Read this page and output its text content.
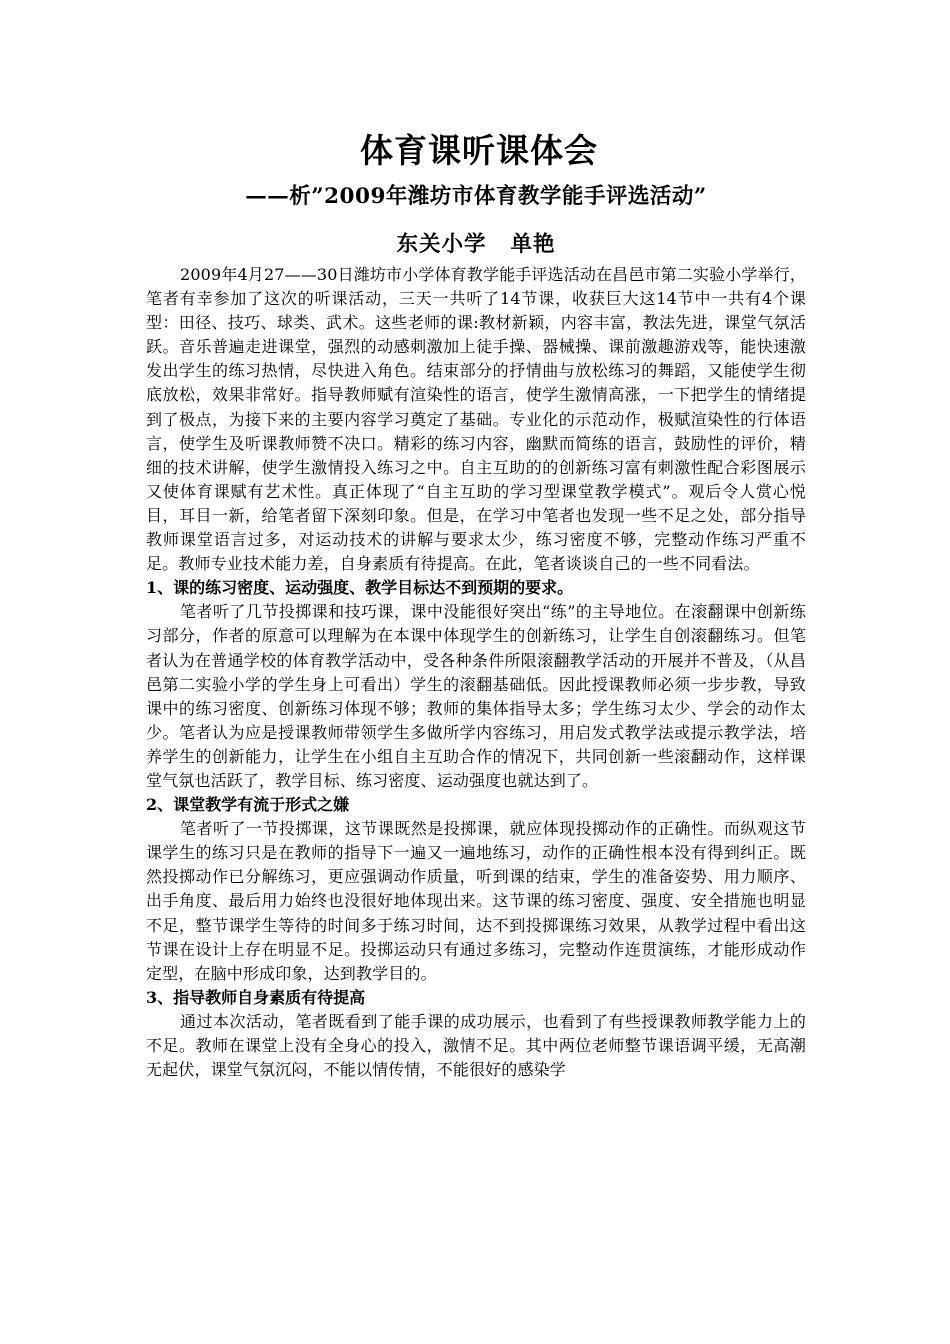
体育课听课体会
——析”2009年潍坊市体育教学能手评选活动”
东关小学 单艳

2009年4月27——30日潍坊市小学体育教学能手评选活动在昌邑市第二实验小学举行，笔者有幸参加了这次的听课活动，三天一共听了14节课，收获巨大这14节中一共有4个课型：田径、技巧、球类、武术。这些老师的课:教材新颖，内容丰富，教法先进，课堂气氛活跃。音乐普遍走进课堂，强烈的动感刺激加上徒手操、器械操、课前激趣游戏等，能快速激发出学生的练习热情，尽快进入角色。结束部分的抒情曲与放松练习的舞蹈，又能使学生彻底放松，效果非常好。指导教师赋有渲染性的语言，使学生激情高涨，一下把学生的情绪提到了极点，为接下来的主要内容学习奠定了基础。专业化的示范动作，极赋渲染性的行体语言，使学生及听课教师赞不决口。精彩的练习内容，幽默而简练的语言，鼓励性的评价，精细的技术讲解，使学生激情投入练习之中。自主互助的的创新练习富有刺激性配合彩图展示又使体育课赋有艺术性。真正体现了“自主互助的学习型课堂教学模式”。观后令人赏心悦目，耳目一新，给笔者留下深刻印象。但是，在学习中笔者也发现一些不足之处，部分指导教师课堂语言过多，对运动技术的讲解与要求太少，练习密度不够，完整动作练习严重不足。教师专业技术能力差，自身素质有待提高。在此，笔者谈谈自己的一些不同看法。

1、课的练习密度、运动强度、教学目标达不到预期的要求。

笔者听了几节投掷课和技巧课，课中没能很好突出“练”的主导地位。在滚翻课中创新练习部分，作者的原意可以理解为在本课中体现学生的创新练习，让学生自创滚翻练习。但笔者认为在普通学校的体育教学活动中，受各种条件所限滚翻教学活动的开展并不普及，（从昌邑第二实验小学的学生身上可看出）学生的滚翻基础低。因此授课教师必须一步步教，导致课中的练习密度、创新练习体现不够；教师的集体指导太多；学生练习太少、学会的动作太少。笔者认为应是授课教师带领学生多做所学内容练习，用启发式教学法或提示教学法，培养学生的创新能力，让学生在小组自主互助合作的情况下，共同创新一些滚翻动作，这样课堂气氛也活跃了，教学目标、练习密度、运动强度也就达到了。

2、课堂教学有流于形式之嫌

笔者听了一节投掷课，这节课既然是投掷课，就应体现投掷动作的正确性。而纵观这节课学生的练习只是在教师的指导下一遍又一遍地练习，动作的正确性根本没有得到纠正。既然投掷动作已分解练习，更应强调动作质量，听到课的结束，学生的准备姿势、用力顺序、出手角度、最后用力始终也没很好地体现出来。这节课的练习密度、强度、安全措施也明显不足，整节课学生等待的时间多于练习时间，达不到投掷课练习效果，从教学过程中看出这节课在设计上存在明显不足。投掷运动只有通过多练习，完整动作连贯演练，才能形成动作定型，在脑中形成印象，达到教学目的。

3、指导教师自身素质有待提高

通过本次活动，笔者既看到了能手课的成功展示，也看到了有些授课教师教学能力上的不足。教师在课堂上没有全身心的投入，激情不足。其中两位老师整节课语调平缓，无高潮无起伏，课堂气氛沉闷，不能以情传情，不能很好的感染学
